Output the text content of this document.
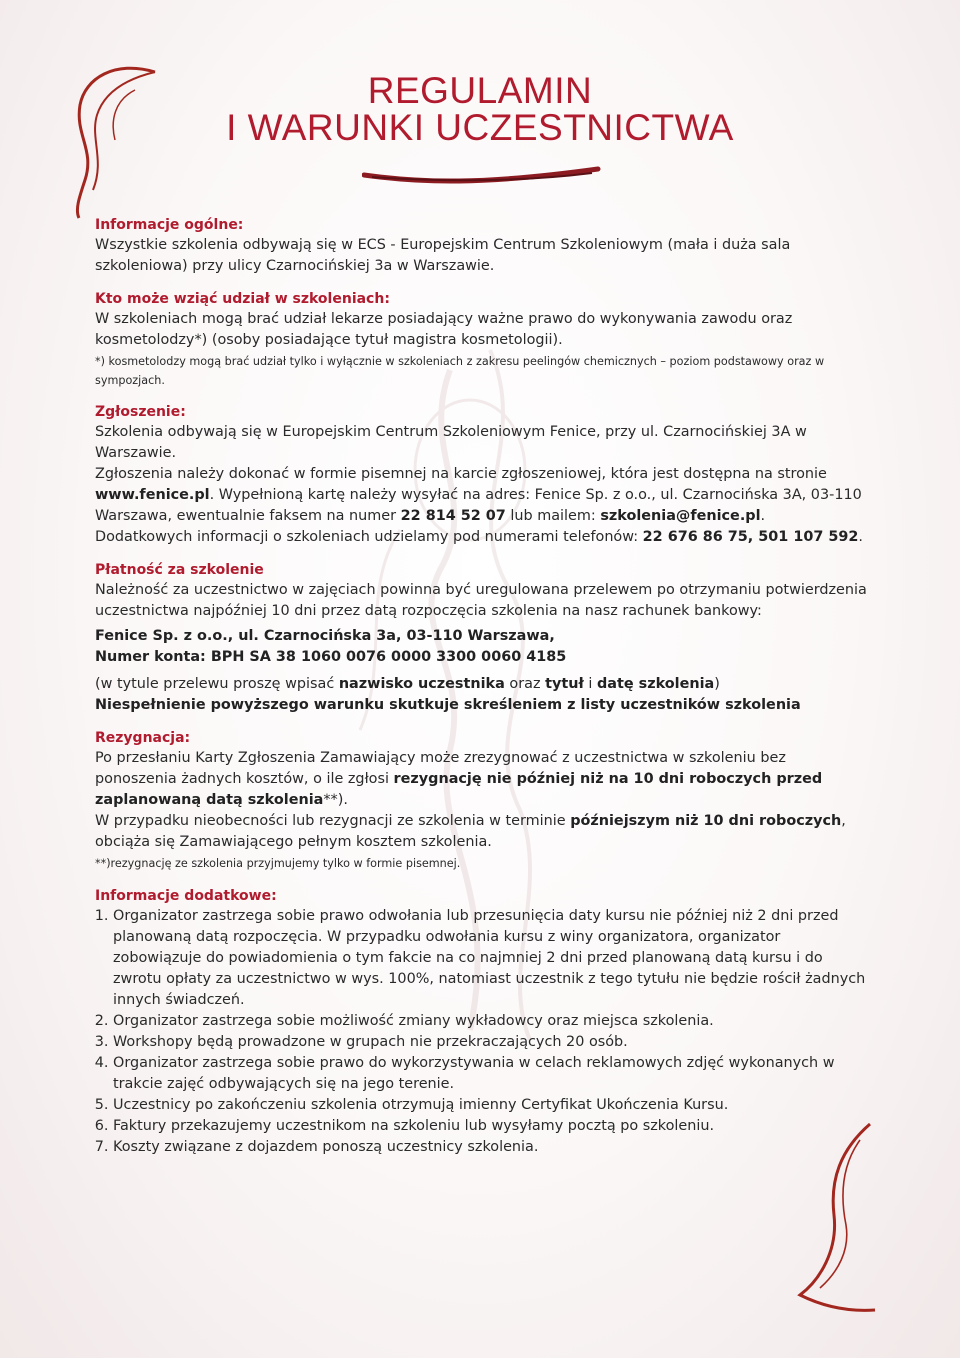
REGULAMIN
I WARUNKI UCZESTNICTWA

Informacje ogólne:

Wszystkie szkolenia odbywają się w ECS - Europejskim Centrum Szkoleniowym (mała i duża sala szkoleniowa) przy ulicy Czarnocińskiej 3a w Warszawie.

Kto może wziąć udział w szkoleniach:

W szkoleniach mogą brać udział lekarze posiadający ważne prawo do wykonywania zawodu oraz kosmetolodzy*) (osoby posiadające tytuł magistra kosmetologii).

*) kosmetolodzy mogą brać udział tylko i wyłącznie w szkoleniach z zakresu peelingów chemicznych – poziom podstawowy oraz w sympozjach.

Zgłoszenie:

Szkolenia odbywają się w Europejskim Centrum Szkoleniowym Fenice, przy ul. Czarnocińskiej 3A w Warszawie.

Zgłoszenia należy dokonać w formie pisemnej na karcie zgłoszeniowej, która jest dostępna na stronie www.fenice.pl. Wypełnioną kartę należy wysyłać na adres: Fenice Sp. z o.o., ul. Czarnocińska 3A, 03-110 Warszawa, ewentualnie faksem na numer 22 814 52 07 lub mailem: szkolenia@fenice.pl.

Dodatkowych informacji o szkoleniach udzielamy pod numerami telefonów: 22 676 86 75, 501 107 592.

Płatność za szkolenie

Należność za uczestnictwo w zajęciach powinna być uregulowana przelewem po otrzymaniu potwierdzenia uczestnictwa najpóźniej 10 dni przez datą rozpoczęcia szkolenia na nasz rachunek bankowy:

Fenice Sp. z o.o., ul. Czarnocińska 3a, 03-110 Warszawa,
Numer konta: BPH SA 38 1060 0076 0000 3300 0060 4185

(w tytule przelewu proszę wpisać nazwisko uczestnika oraz tytuł i datę szkolenia)

Niespełnienie powyższego warunku skutkuje skreśleniem z listy uczestników szkolenia

Rezygnacja:

Po przesłaniu Karty Zgłoszenia Zamawiający może zrezygnować z uczestnictwa w szkoleniu bez ponoszenia żadnych kosztów, o ile zgłosi rezygnację nie później niż na 10 dni roboczych przed zaplanowaną datą szkolenia**).

W przypadku nieobecności lub rezygnacji ze szkolenia w terminie późniejszym niż 10 dni roboczych, obciąża się Zamawiającego pełnym kosztem szkolenia.

**)rezygnację ze szkolenia przyjmujemy tylko w formie pisemnej.

Informacje dodatkowe:

1. Organizator zastrzega sobie prawo odwołania lub przesunięcia daty kursu nie później niż 2 dni przed planowaną datą rozpoczęcia. W przypadku odwołania kursu z winy organizatora, organizator zobowiązuje do powiadomienia o tym fakcie na co najmniej 2 dni przed planowaną datą kursu i do zwrotu opłaty za uczestnictwo w wys. 100%, natomiast uczestnik z tego tytułu nie będzie rościł żadnych innych świadczeń.
2. Organizator zastrzega sobie możliwość zmiany wykładowcy oraz miejsca szkolenia.
3. Workshopy będą prowadzone w grupach nie przekraczających 20 osób.
4. Organizator zastrzega sobie prawo do wykorzystywania w celach reklamowych zdjęć wykonanych w trakcie zajęć odbywających się na jego terenie.
5. Uczestnicy po zakończeniu szkolenia otrzymują imienny Certyfikat Ukończenia Kursu.
6. Faktury przekazujemy uczestnikom na szkoleniu lub wysyłamy pocztą po szkoleniu.
7. Koszty związane z dojazdem ponoszą uczestnicy szkolenia.
